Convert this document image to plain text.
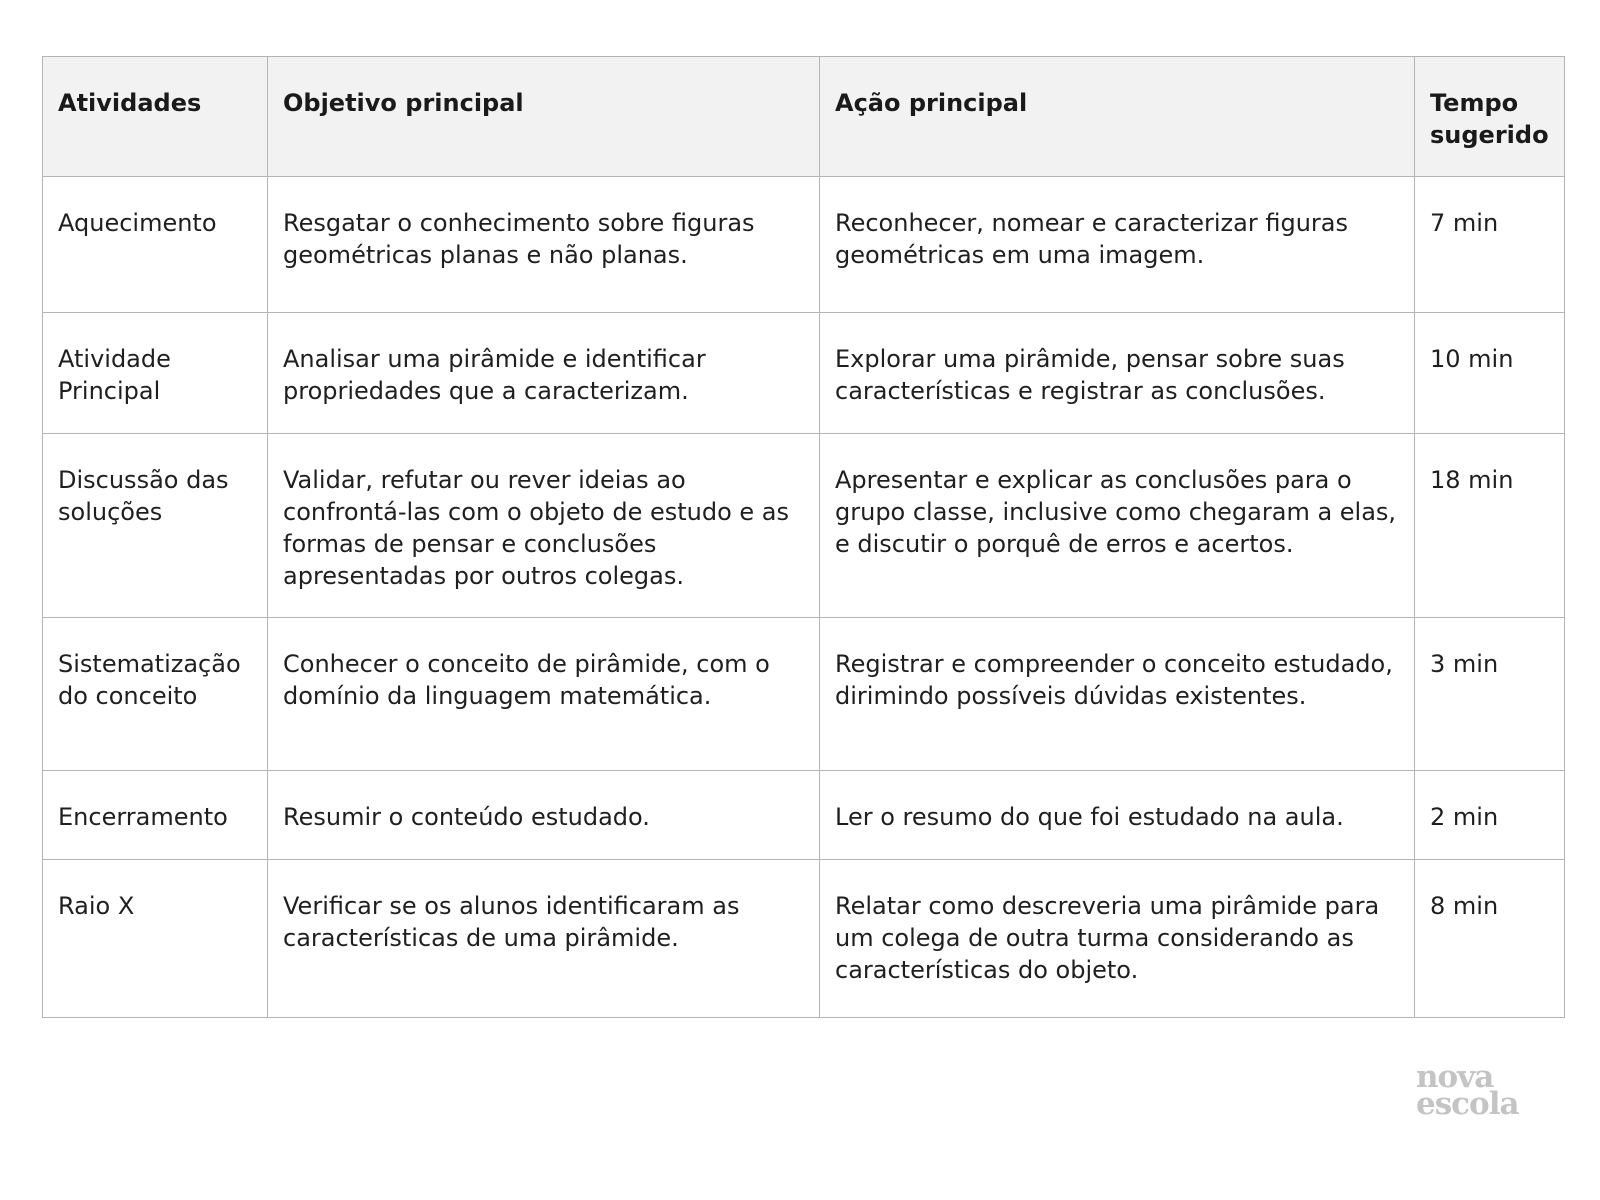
Atividades	Objetivo principal	Ação principal	Tempo sugerido
Aquecimento	Resgatar o conhecimento sobre figuras geométricas planas e não planas.	Reconhecer, nomear e caracterizar figuras geométricas em uma imagem.	7 min
Atividade Principal	Analisar uma pirâmide e identificar propriedades que a caracterizam.	Explorar uma pirâmide, pensar sobre suas características e registrar as conclusões.	10 min
Discussão das soluções	Validar, refutar ou rever ideias ao confrontá-las com o objeto de estudo e as formas de pensar e conclusões apresentadas por outros colegas.	Apresentar e explicar as conclusões para o grupo classe, inclusive como chegaram a elas, e discutir o porquê de erros e acertos.	18 min
Sistematização do conceito	Conhecer o conceito de pirâmide, com o domínio da linguagem matemática.	Registrar e compreender o conceito estudado, dirimindo possíveis dúvidas existentes.	3 min
Encerramento	Resumir o conteúdo estudado.	Ler o resumo do que foi estudado na aula.	2 min
Raio X	Verificar se os alunos identificaram as características de uma pirâmide.	Relatar como descreveria uma pirâmide para um colega de outra turma considerando as características do objeto.	8 min
nova
escola
